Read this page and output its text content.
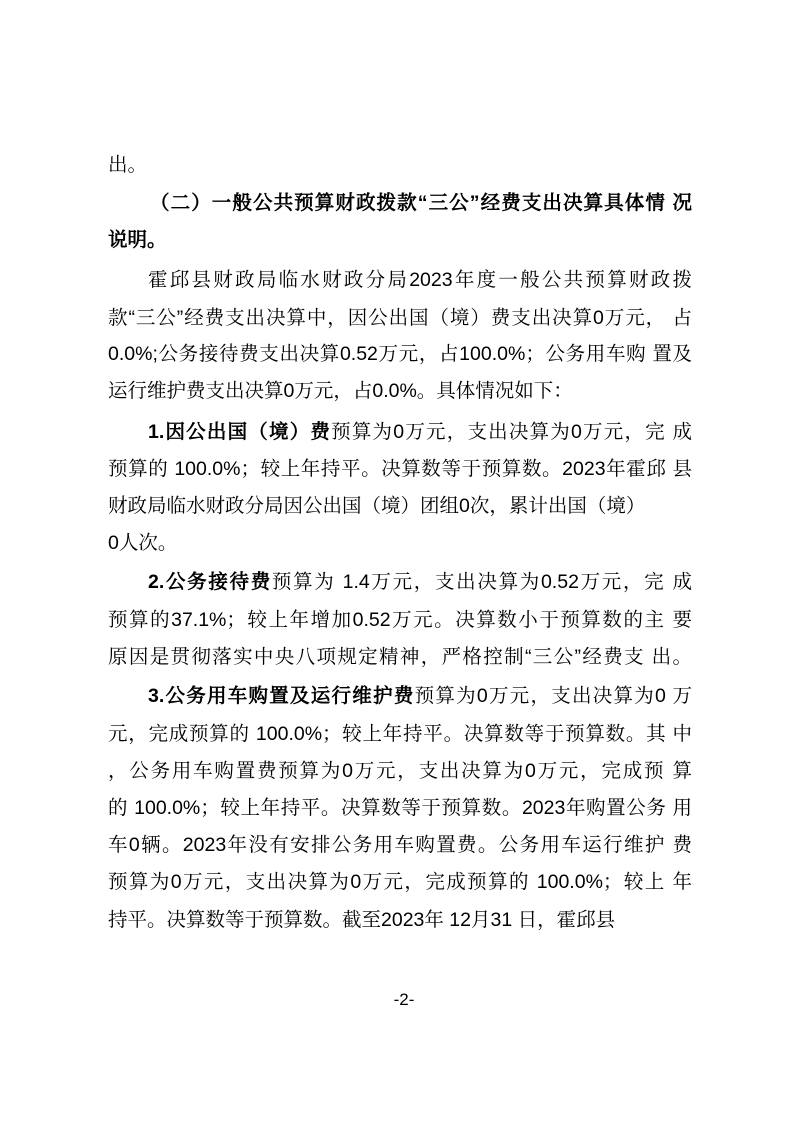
出。
（二）一般公共预算财政拨款“三公”经费支出决算具体情 况
说明。
霍邱县财政局临水财政分局2023年度一般公共预算财政拨
款“三公”经费支出决算中，因公出国（境）费支出决算0万元， 占
0.0%;公务接待费支出决算0.52万元，占100.0%；公务用车购 置及
运行维护费支出决算0万元，占0.0%。具体情况如下：
1.因公出国（境）费预算为0万元，支出决算为0万元，完 成
预算的 100.0%；较上年持平。决算数等于预算数。2023年霍邱 县
财政局临水财政分局因公出国（境）团组0次，累计出国（境）
0人次。
2.公务接待费预算为 1.4万元，支出决算为0.52万元，完 成
预算的37.1%；较上年增加0.52万元。决算数小于预算数的主 要
原因是贯彻落实中央八项规定精神，严格控制“三公”经费支 出。
3.公务用车购置及运行维护费预算为0万元，支出决算为0 万
元，完成预算的 100.0%；较上年持平。决算数等于预算数。其 中
，公务用车购置费预算为0万元，支出决算为0万元，完成预 算
的 100.0%；较上年持平。决算数等于预算数。2023年购置公务 用
车0辆。2023年没有安排公务用车购置费。公务用车运行维护 费
预算为0万元，支出决算为0万元，完成预算的 100.0%；较上 年
持平。决算数等于预算数。截至2023年 12月31 日，霍邱县
-2-
